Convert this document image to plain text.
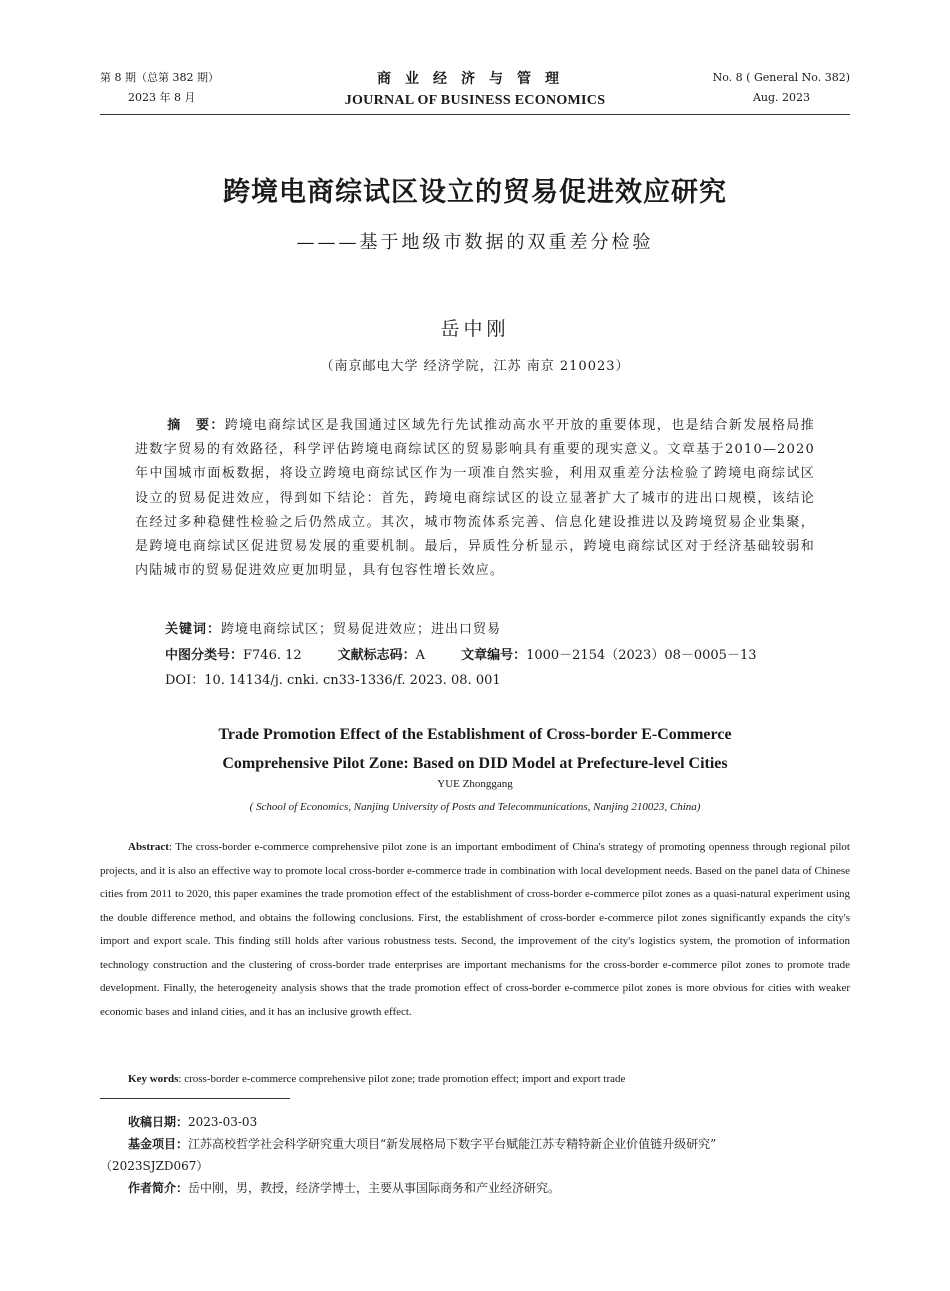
第 8 期（总第 382 期）
2023 年 8 月
商业经济与管理
JOURNAL OF BUSINESS ECONOMICS
No. 8 ( General No. 382)
Aug. 2023
跨境电商综试区设立的贸易促进效应研究
———基于地级市数据的双重差分检验
岳中刚
（南京邮电大学 经济学院，江苏 南京 210023）
摘　要：跨境电商综试区是我国通过区域先行先试推动高水平开放的重要体现，也是结合新发展格局推进数字贸易的有效路径，科学评估跨境电商综试区的贸易影响具有重要的现实意义。文章基于2010—2020年中国城市面板数据，将设立跨境电商综试区作为一项准自然实验，利用双重差分法检验了跨境电商综试区设立的贸易促进效应，得到如下结论：首先，跨境电商综试区的设立显著扩大了城市的进出口规模，该结论在经过多种稳健性检验之后仍然成立。其次，城市物流体系完善、信息化建设推进以及跨境贸易企业集聚，是跨境电商综试区促进贸易发展的重要机制。最后，异质性分析显示，跨境电商综试区对于经济基础较弱和内陆城市的贸易促进效应更加明显，具有包容性增长效应。
关键词：跨境电商综试区；贸易促进效应；进出口贸易
中图分类号：F746. 12	文献标志码：A	文章编号：1000－2154（2023）08－0005－13
DOI：10. 14134/j. cnki. cn33-1336/f. 2023. 08. 001
Trade Promotion Effect of the Establishment of Cross-border E-Commerce
Comprehensive Pilot Zone: Based on DID Model at Prefecture-level Cities
YUE Zhonggang
( School of Economics, Nanjing University of Posts and Telecommunications, Nanjing 210023, China)

Abstract: The cross-border e-commerce comprehensive pilot zone is an important embodiment of China's strategy of promoting openness through regional pilot projects, and it is also an effective way to promote local cross-border e-commerce trade in combination with local development needs. Based on the panel data of Chinese cities from 2011 to 2020, this paper examines the trade promotion effect of the establishment of cross-border e-commerce pilot zones as a quasi-natural experiment using the double difference method, and obtains the following conclusions. First, the establishment of cross-border e-commerce pilot zones significantly expands the city's import and export scale. This finding still holds after various robustness tests. Second, the improvement of the city's logistics system, the promotion of information technology construction and the clustering of cross-border trade enterprises are important mechanisms for the cross-border e-commerce pilot zones to promote trade development. Finally, the heterogeneity analysis shows that the trade promotion effect of cross-border e-commerce pilot zones is more obvious for cities with weaker economic bases and inland cities, and it has an inclusive growth effect.

Key words: cross-border e-commerce comprehensive pilot zone; trade promotion effect; import and export trade
收稿日期：2023-03-03
基金项目：江苏高校哲学社会科学研究重大项目“新发展格局下数字平台赋能江苏专精特新企业价值链升级研究”
（2023SJZD067）
作者简介：岳中刚，男，教授，经济学博士，主要从事国际商务和产业经济研究。
